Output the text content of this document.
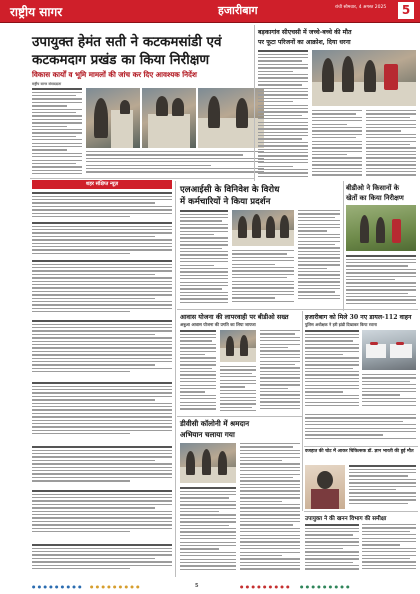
राष्ट्रीय सागर	हजारीबाग	रांची सोमवार, 4 अगस्त 2025	5
उपायुक्त हेमंत सती ने कटकमसांडी एवं
कटकमदाग प्रखंड का किया निरीक्षण
विकास कार्यों व भूमि मामलों की जांच कर दिए आवश्यक निर्देश
राष्ट्रीय सागर संवाददाता
बड़कागांव सीएचसी में जच्चे-बच्चे की मौत
पर फूटा परिजनों का आक्रोश, दिया धरना
शहर संक्षिप्त न्यूज़
एलआईसी के विनिवेश के विरोध
में कर्मचारियों ने किया प्रदर्शन
बीडीओ ने किसानों के
खेतों का किया निरीक्षण
आवास योजना की लापरवाही पर बीडीओ सख्त
अबुआ आवास योजना की प्रगति का लिया जायजा
हजारीबाग को मिले 30 नए डायल-112 वाहन
पुलिस अधीक्षक ने हरी झंडी दिखाकर किया रवाना
डीवीसी कॉलोनी में श्रमदान
अभियान चलाया गया
वजहात की चोट में आकर चिकित्सक डॉ. ज्ञान भारती की हुई मौत
उपायुक्त ने की खनन विभाग की समीक्षा
● ● ● ● ● ● ● ● ● ● ● ● ● ● ● ● ● ●	5	● ● ● ● ● ● ● ● ● ● ● ● ● ● ● ● ● ●
